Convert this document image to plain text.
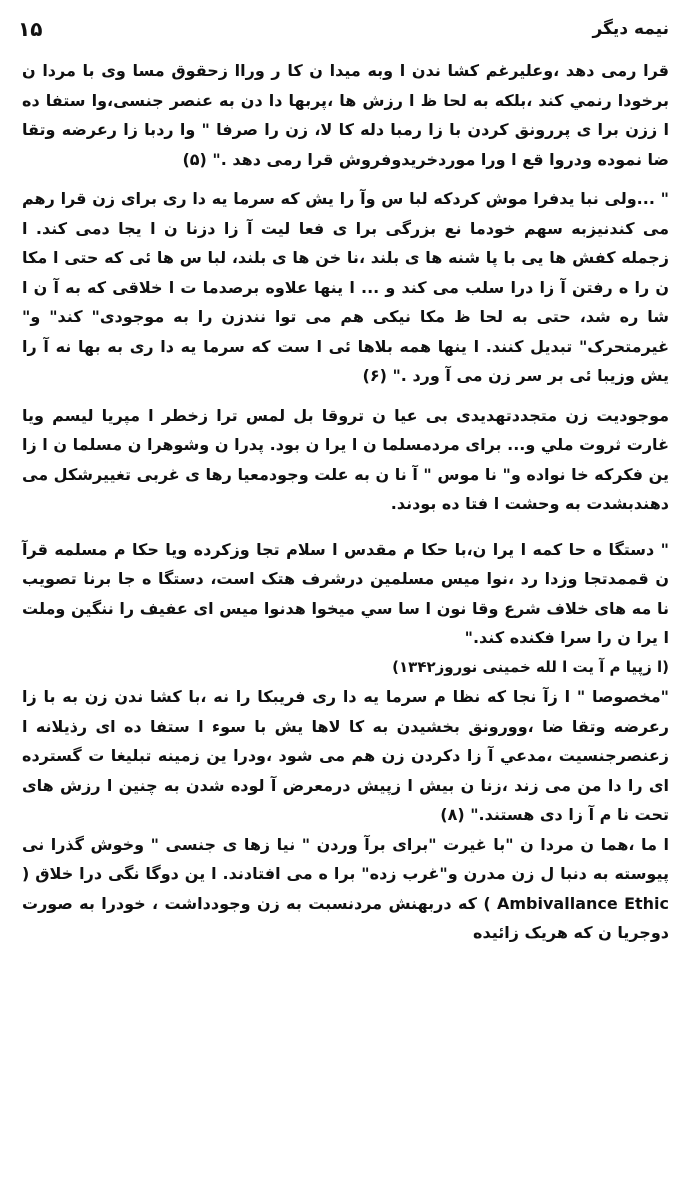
نیمه دیگر
۱۵

قرا رمی دهد ،وعلیرغم کشا ندن ا وبه میدا ن کا ر وراا زحقوق مسا وی با مردا ن برخودا رنمي کند ،بلکه به لحا ظ ا رزش ها ،پربها دا دن به عنصر جنسی،وا ستفا ده ا ززن برا ی پررونق کردن با زا رمبا دله کا لا، زن را صرفا " وا ردبا زا رعرضه وتقا ضا نموده ودروا قع ا ورا موردخریدوفروش قرا رمی دهد ." (۵)

" ...ولی نبا یدفرا موش کردکه لبا س وآ را یش که سرما یه دا ری برای زن قرا رهم می کندنیزبه سهم خودما نع بزرگی برا ی فعا لیت آ زا دزنا ن ا یجا دمی کند. ا زجمله کفش ها یی با پا شنه ها ی بلند ،نا خن ها ی بلند، لبا س ها ئی که حتی ا مکا ن را ه رفتن آ زا درا سلب می کند و ... ا ینها علاوه برصدما ت ا خلاقی که به آ ن ا شا ره شد، حتی به لحا ظ مکا نیکی هم می توا نندزن را به موجودی" کند" و" غیرمتحرک" تبدیل کنند. ا ینها همه بلاها ئی ا ست که سرما یه دا ری به بها نه آ را یش وزیبا ئی بر سر زن می آ ورد ." (۶)

موجودیت زن متجددتهدیدی بی عیا ن تروقا بل لمس ترا زخطر ا مپریا لیسم ویا غارت ثروت ملي و... برای مردمسلما ن ا یرا ن بود. پدرا ن وشوهرا ن مسلما ن ا زا ین فکرکه خا نواده و" نا موس " آ نا ن به علت وجودمعیا رها ی غربی تغییرشکل می دهندبشدت به وحشت ا فتا ده بودند.

" دستگا ه حا کمه ا یرا ن،با حکا م مقدس ا سلام تجا وزکرده ویا حکا م مسلمه قرآ ن قممدتجا وزدا رد ،نوا میس مسلمین درشرف هتک است، دستگا ه جا برنا تصویب نا مه های خلاف شرع وقا نون ا سا سي میخوا هدنوا میس ای عفیف را ننگین وملت ا یرا ن را سرا فکنده کند."

(ا زپیا م آ یت ا لله خمینی نوروز۱۳۴۲)

"مخصوصا " ا زآ نجا که نظا م سرما یه دا ری فریبکا را نه ،با کشا ندن زن به با زا رعرضه وتقا ضا ،وورونق بخشیدن به کا لاها یش با سوء ا ستفا ده ای رذیلانه ا زعنصرجنسیت ،مدعي آ زا دکردن زن هم می شود ،ودرا ین زمینه تبلیغا ت گسترده ای را دا من می زند ،زنا ن بیش ا زپیش درمعرض آ لوده شدن به چنین ا رزش های تحت نا م آ زا دی هستند." (۸)

ا ما ،هما ن مردا ن "با غیرت "برای برآ وردن " نیا زها ی جنسی " وخوش گذرا نی پیوسته به دنبا ل زن مدرن و"غرب زده" برا ه می افتادند. ا ین دوگا نگی درا خلاق ( Ambivallance Ethic ) که دربهنش مردنسبت به زن وجودداشت ، خودرا به صورت دوجریا ن که هریک زائیده
